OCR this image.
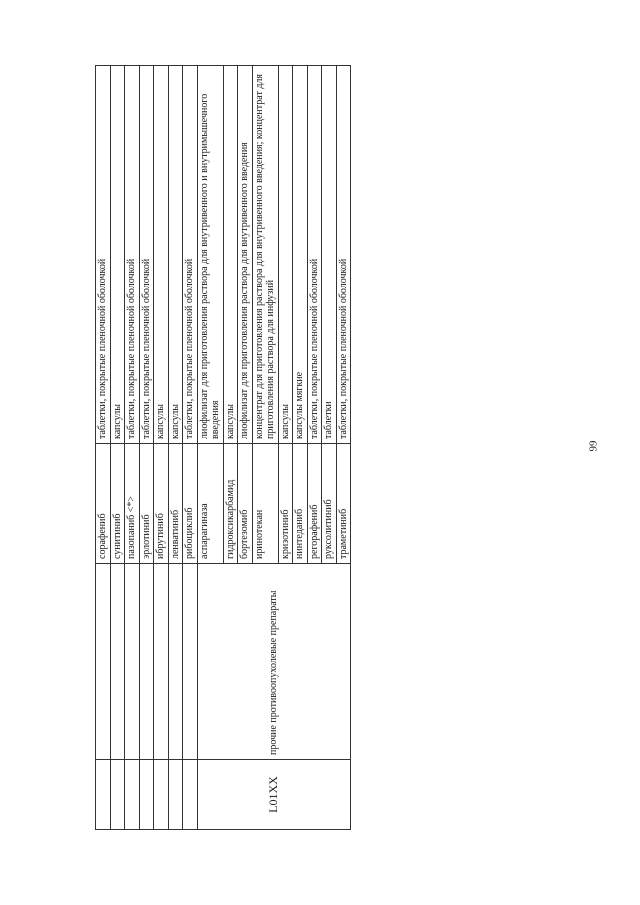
		сорафениб	таблетки, покрытые пленочной оболочкой
		сунитиниб	капсулы
		пазопаниб <*>	таблетки, покрытые пленочной оболочкой
		эрлотиниб	таблетки, покрытые пленочной оболочкой
		ибрутиниб	капсулы
		ленватиниб	капсулы
		рибоциклиб	таблетки, покрытые пленочной оболочкой
L01XX	прочие противоопухолевые препараты	аспарагиназа	лиофилизат для приготовления раствора для внутривенного и внутримышечного введения
		гидроксикарбамид	капсулы
		бортезомиб	лиофилизат для приготовления раствора для внутривенного введения
		иринотекан	концентрат для приготовления раствора для внутривенного введения; концентрат для приготовления раствора для инфузий
		кризотиниб	капсулы
		нинтеданиб	капсулы мягкие
		регорафениб	таблетки, покрытые пленочной оболочкой
		руксолитиниб	таблетки
		траметиниб	таблетки, покрытые пленочной оболочкой
99
